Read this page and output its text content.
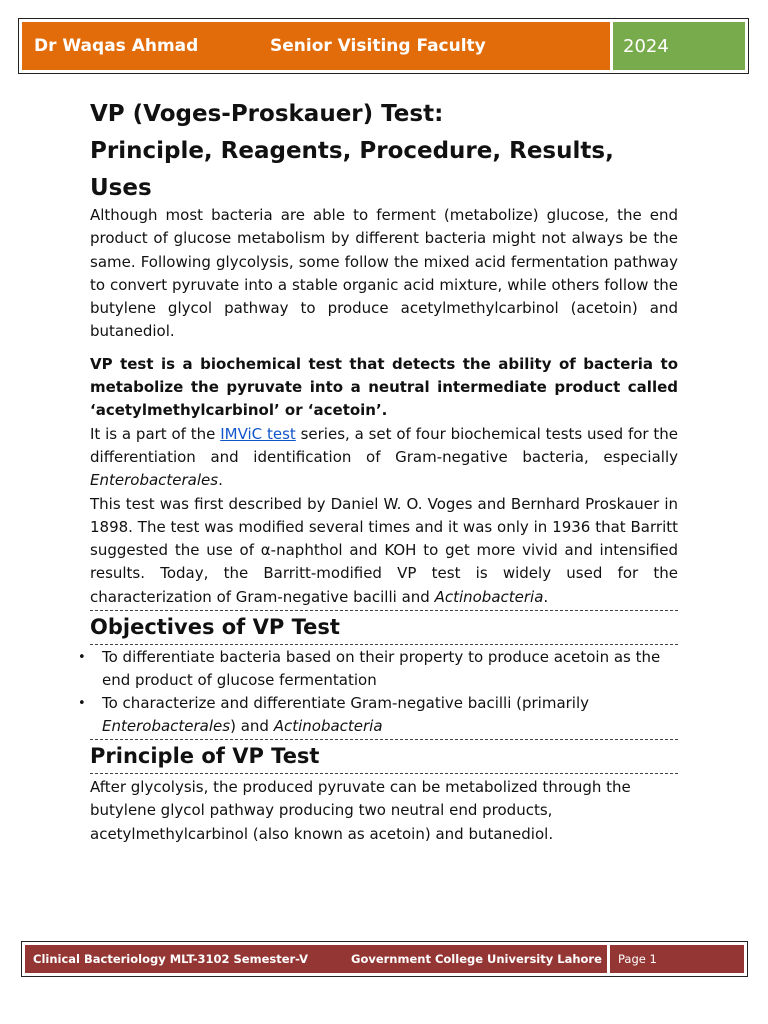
Dr Waqas Ahmad	Senior Visiting Faculty	2024
VP (Voges-Proskauer) Test:
Principle, Reagents, Procedure, Results, Uses

Although most bacteria are able to ferment (metabolize) glucose, the end product of glucose metabolism by different bacteria might not always be the same. Following glycolysis, some follow the mixed acid fermentation pathway to convert pyruvate into a stable organic acid mixture, while others follow the butylene glycol pathway to produce acetylmethylcarbinol (acetoin) and butanediol.

VP test is a biochemical test that detects the ability of bacteria to metabolize the pyruvate into a neutral intermediate product called ‘acetylmethylcarbinol’ or ‘acetoin’.

It is a part of the IMViC test series, a set of four biochemical tests used for the differentiation and identification of Gram-negative bacteria, especially Enterobacterales.

This test was first described by Daniel W. O. Voges and Bernhard Proskauer in 1898. The test was modified several times and it was only in 1936 that Barritt suggested the use of α-naphthol and KOH to get more vivid and intensified results. Today, the Barritt-modified VP test is widely used for the characterization of Gram-negative bacilli and Actinobacteria.

Objectives of VP Test
• To differentiate bacteria based on their property to produce acetoin as the end product of glucose fermentation
• To characterize and differentiate Gram-negative bacilli (primarily Enterobacterales) and Actinobacteria
Principle of VP Test

After glycolysis, the produced pyruvate can be metabolized through the butylene glycol pathway producing two neutral end products, acetylmethylcarbinol (also known as acetoin) and butanediol.

Clinical Bacteriology MLT-3102 Semester-V	Government College University Lahore	Page 1
